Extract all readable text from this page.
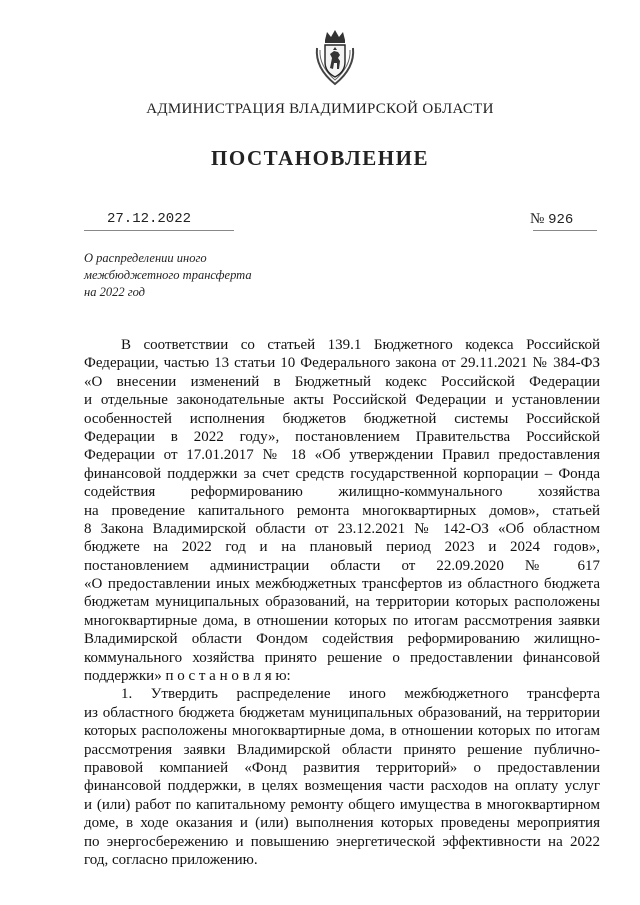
АДМИНИСТРАЦИЯ ВЛАДИМИРСКОЙ ОБЛАСТИ
ПОСТАНОВЛЕНИЕ
27.12.2022	№ 926
О распределении иного
межбюджетного трансферта
на 2022 год
В соответствии со статьей 139.1 Бюджетного кодекса Российской
Федерации, частью 13 статьи 10 Федерального закона от 29.11.2021 № 384-ФЗ
«О внесении изменений в Бюджетный кодекс Российской Федерации
и отдельные законодательные акты Российской Федерации и установлении
особенностей исполнения бюджетов бюджетной системы Российской
Федерации в 2022 году», постановлением Правительства Российской
Федерации от 17.01.2017 № 18 «Об утверждении Правил предоставления
финансовой поддержки за счет средств государственной корпорации – Фонда
содействия реформированию жилищно-коммунального хозяйства
на проведение капитального ремонта многоквартирных домов», статьей
8 Закона Владимирской области от 23.12.2021 № 142-ОЗ «Об областном
бюджете на 2022 год и на плановый период 2023 и 2024 годов»,
постановлением администрации области от 22.09.2020 № 617
«О предоставлении иных межбюджетных трансфертов из областного бюджета
бюджетам муниципальных образований, на территории которых расположены
многоквартирные дома, в отношении которых по итогам рассмотрения заявки
Владимирской области Фондом содействия реформированию жилищно-
коммунального хозяйства принято решение о предоставлении финансовой
поддержки» п о с т а н о в л я ю:
1. Утвердить распределение иного межбюджетного трансферта
из областного бюджета бюджетам муниципальных образований, на территории
которых расположены многоквартирные дома, в отношении которых по итогам
рассмотрения заявки Владимирской области принято решение публично-
правовой компанией «Фонд развития территорий» о предоставлении
финансовой поддержки, в целях возмещения части расходов на оплату услуг
и (или) работ по капитальному ремонту общего имущества в многоквартирном
доме, в ходе оказания и (или) выполнения которых проведены мероприятия
по энергосбережению и повышению энергетической эффективности на 2022
год, согласно приложению.
